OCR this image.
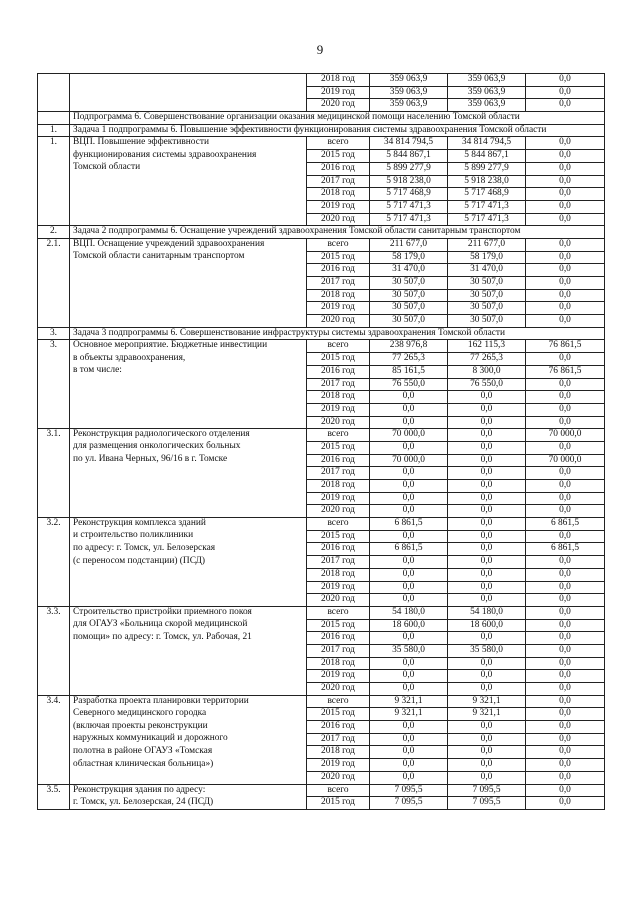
9
		2018 год	359 063,9	359 063,9	0,0
		2019 год	359 063,9	359 063,9	0,0
		2020 год	359 063,9	359 063,9	0,0
	Подпрограмма 6. Совершенствование организации оказания медицинской помощи населению Томской области				
1.	Задача 1 подпрограммы 6. Повышение эффективности функционирования системы здравоохранения Томской области				
1.	ВЦП. Повышение эффективности	всего	34 814 794,5	34 814 794,5	0,0
	функционирования системы здравоохранения	2015 год	5 844 867,1	5 844 867,1	0,0
	Томской области	2016 год	5 899 277,9	5 899 277,9	0,0
		2017 год	5 918 238,0	5 918 238,0	0,0
		2018 год	5 717 468,9	5 717 468,9	0,0
		2019 год	5 717 471,3	5 717 471,3	0,0
		2020 год	5 717 471,3	5 717 471,3	0,0
2.	Задача 2 подпрограммы 6. Оснащение учреждений здравоохранения Томской области санитарным транспортом				
2.1.	ВЦП. Оснащение учреждений здравоохранения	всего	211 677,0	211 677,0	0,0
	Томской области санитарным транспортом	2015 год	58 179,0	58 179,0	0,0
		2016 год	31 470,0	31 470,0	0,0
		2017 год	30 507,0	30 507,0	0,0
		2018 год	30 507,0	30 507,0	0,0
		2019 год	30 507,0	30 507,0	0,0
		2020 год	30 507,0	30 507,0	0,0
3.	Задача 3 подпрограммы 6. Совершенствование инфраструктуры системы здравоохранения Томской области				
3.	Основное мероприятие. Бюджетные инвестиции	всего	238 976,8	162 115,3	76 861,5
	в объекты здравоохранения,	2015 год	77 265,3	77 265,3	0,0
	в том числе:	2016 год	85 161,5	8 300,0	76 861,5
		2017 год	76 550,0	76 550,0	0,0
		2018 год	0,0	0,0	0,0
		2019 год	0,0	0,0	0,0
		2020 год	0,0	0,0	0,0
3.1.	Реконструкция радиологического отделения	всего	70 000,0	0,0	70 000,0
	для размещения онкологических больных	2015 год	0,0	0,0	0,0
	по ул. Ивана Черных, 96/16 в г. Томске	2016 год	70 000,0	0,0	70 000,0
		2017 год	0,0	0,0	0,0
		2018 год	0,0	0,0	0,0
		2019 год	0,0	0,0	0,0
		2020 год	0,0	0,0	0,0
3.2.	Реконструкция комплекса зданий	всего	6 861,5	0,0	6 861,5
	и строительство поликлиники	2015 год	0,0	0,0	0,0
	по адресу: г. Томск, ул. Белозерская	2016 год	6 861,5	0,0	6 861,5
	(с переносом подстанции) (ПСД)	2017 год	0,0	0,0	0,0
		2018 год	0,0	0,0	0,0
		2019 год	0,0	0,0	0,0
		2020 год	0,0	0,0	0,0
3.3.	Строительство пристройки приемного покоя	всего	54 180,0	54 180,0	0,0
	для ОГАУЗ «Больница скорой медицинской	2015 год	18 600,0	18 600,0	0,0
	помощи» по адресу: г. Томск, ул. Рабочая, 21	2016 год	0,0	0,0	0,0
		2017 год	35 580,0	35 580,0	0,0
		2018 год	0,0	0,0	0,0
		2019 год	0,0	0,0	0,0
		2020 год	0,0	0,0	0,0
3.4.	Разработка проекта планировки территории	всего	9 321,1	9 321,1	0,0
	Северного медицинского городка	2015 год	9 321,1	9 321,1	0,0
	(включая проекты реконструкции	2016 год	0,0	0,0	0,0
	наружных коммуникаций и дорожного	2017 год	0,0	0,0	0,0
	полотна в районе ОГАУЗ «Томская	2018 год	0,0	0,0	0,0
	областная клиническая больница»)	2019 год	0,0	0,0	0,0
		2020 год	0,0	0,0	0,0
3.5.	Реконструкция здания по адресу:	всего	7 095,5	7 095,5	0,0
	г. Томск, ул. Белозерская, 24 (ПСД)	2015 год	7 095,5	7 095,5	0,0
